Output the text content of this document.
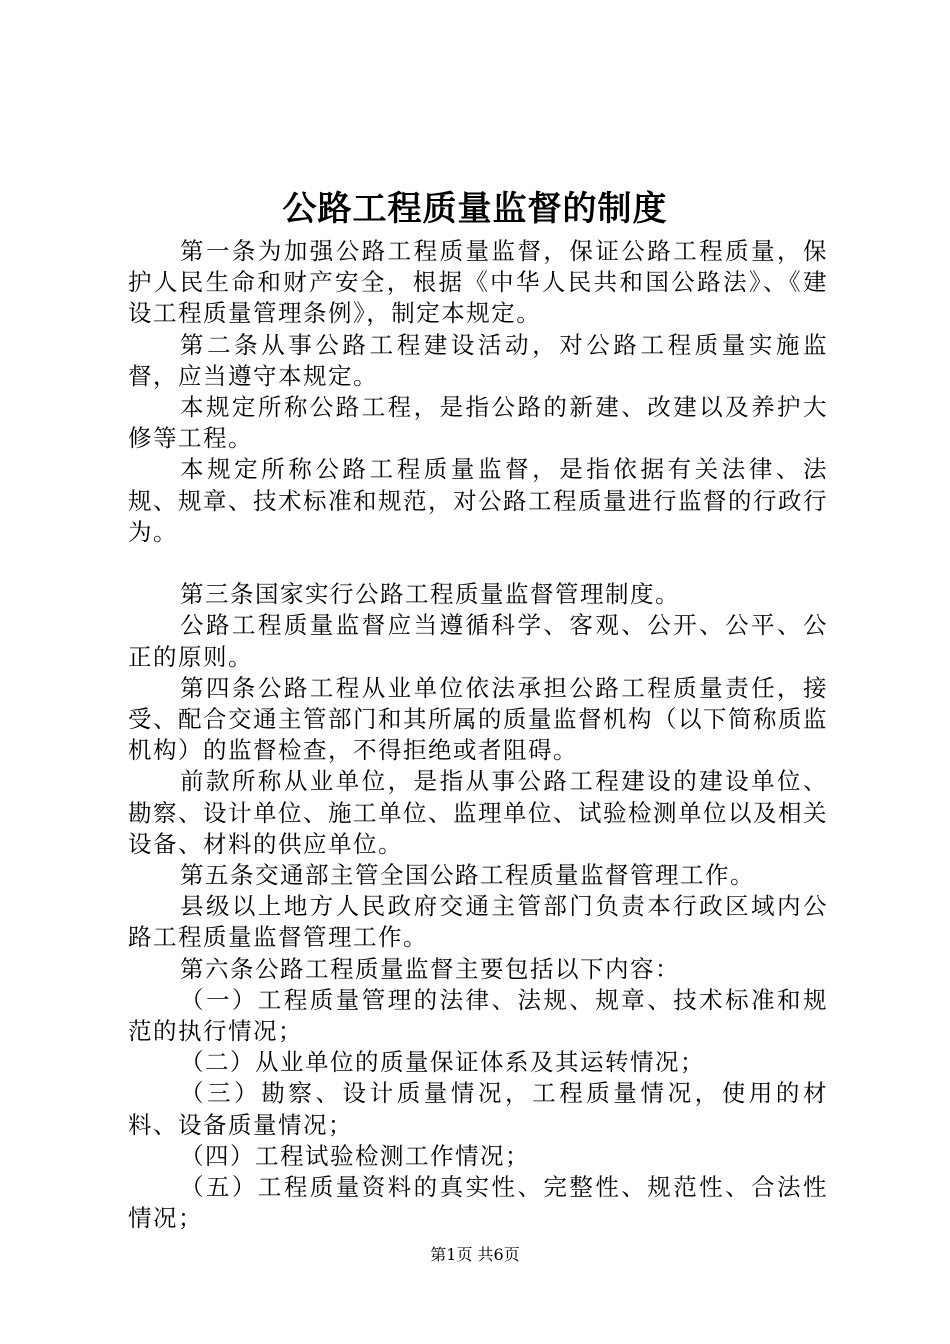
公路工程质量监督的制度

第一条为加强公路工程质量监督，保证公路工程质量，保护人民生命和财产安全，根据《中华人民共和国公路法》、《建设工程质量管理条例》，制定本规定。

第二条从事公路工程建设活动，对公路工程质量实施监督，应当遵守本规定。

本规定所称公路工程，是指公路的新建、改建以及养护大修等工程。

本规定所称公路工程质量监督，是指依据有关法律、法规、规章、技术标准和规范，对公路工程质量进行监督的行政行为。

第三条国家实行公路工程质量监督管理制度。

公路工程质量监督应当遵循科学、客观、公开、公平、公正的原则。

第四条公路工程从业单位依法承担公路工程质量责任，接受、配合交通主管部门和其所属的质量监督机构（以下简称质监机构）的监督检查，不得拒绝或者阻碍。

前款所称从业单位，是指从事公路工程建设的建设单位、勘察、设计单位、施工单位、监理单位、试验检测单位以及相关设备、材料的供应单位。

第五条交通部主管全国公路工程质量监督管理工作。

县级以上地方人民政府交通主管部门负责本行政区域内公路工程质量监督管理工作。

第六条公路工程质量监督主要包括以下内容：

（一）工程质量管理的法律、法规、规章、技术标准和规范的执行情况；

（二）从业单位的质量保证体系及其运转情况；

（三）勘察、设计质量情况，工程质量情况，使用的材料、设备质量情况；

（四）工程试验检测工作情况；

（五）工程质量资料的真实性、完整性、规范性、合法性情况；

第1页 共6页
